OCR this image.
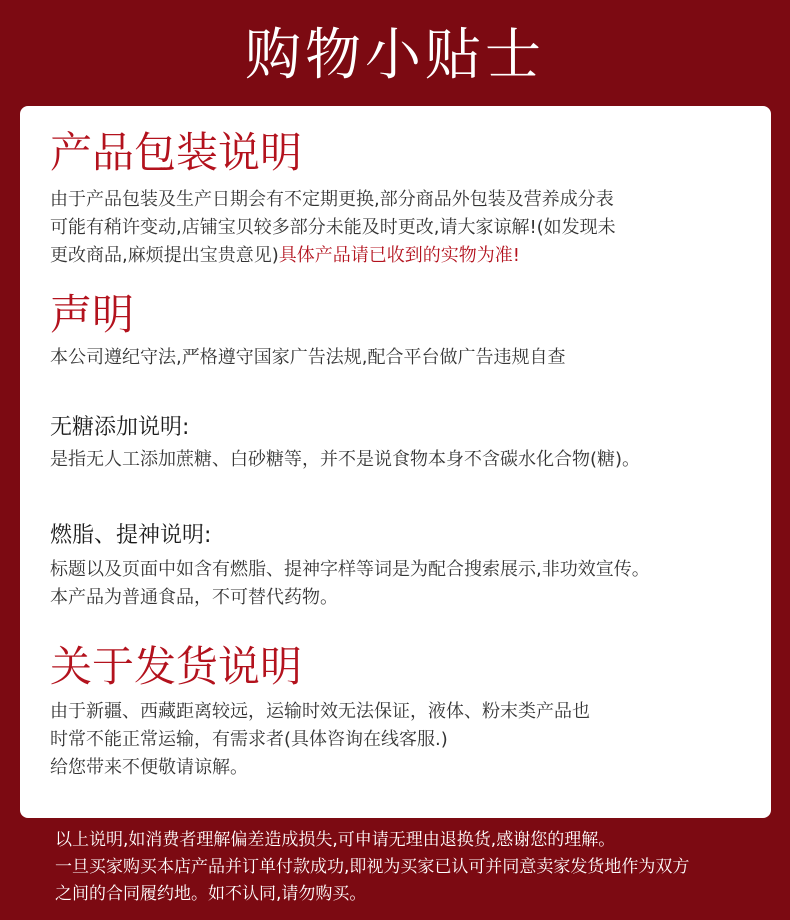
购物小贴士
产品包装说明

由于产品包装及生产日期会有不定期更换,部分商品外包装及营养成分表
可能有稍许变动,店铺宝贝较多部分未能及时更改,请大家谅解!(如发现未
更改商品,麻烦提出宝贵意见)具体产品请已收到的实物为准!

声明

本公司遵纪守法,严格遵守国家广告法规,配合平台做广告违规自查

无糖添加说明:

是指无人工添加蔗糖、白砂糖等，并不是说食物本身不含碳水化合物(糖)。

燃脂、提神说明:

标题以及页面中如含有燃脂、提神字样等词是为配合搜索展示,非功效宣传。
本产品为普通食品，不可替代药物。

关于发货说明

由于新疆、西藏距离较远，运输时效无法保证，液体、粉末类产品也
时常不能正常运输，有需求者(具体咨询在线客服.)
给您带来不便敬请谅解。

以上说明,如消费者理解偏差造成损失,可申请无理由退换货,感谢您的理解。
一旦买家购买本店产品并订单付款成功,即视为买家已认可并同意卖家发货地作为双方
之间的合同履约地。如不认同,请勿购买。
